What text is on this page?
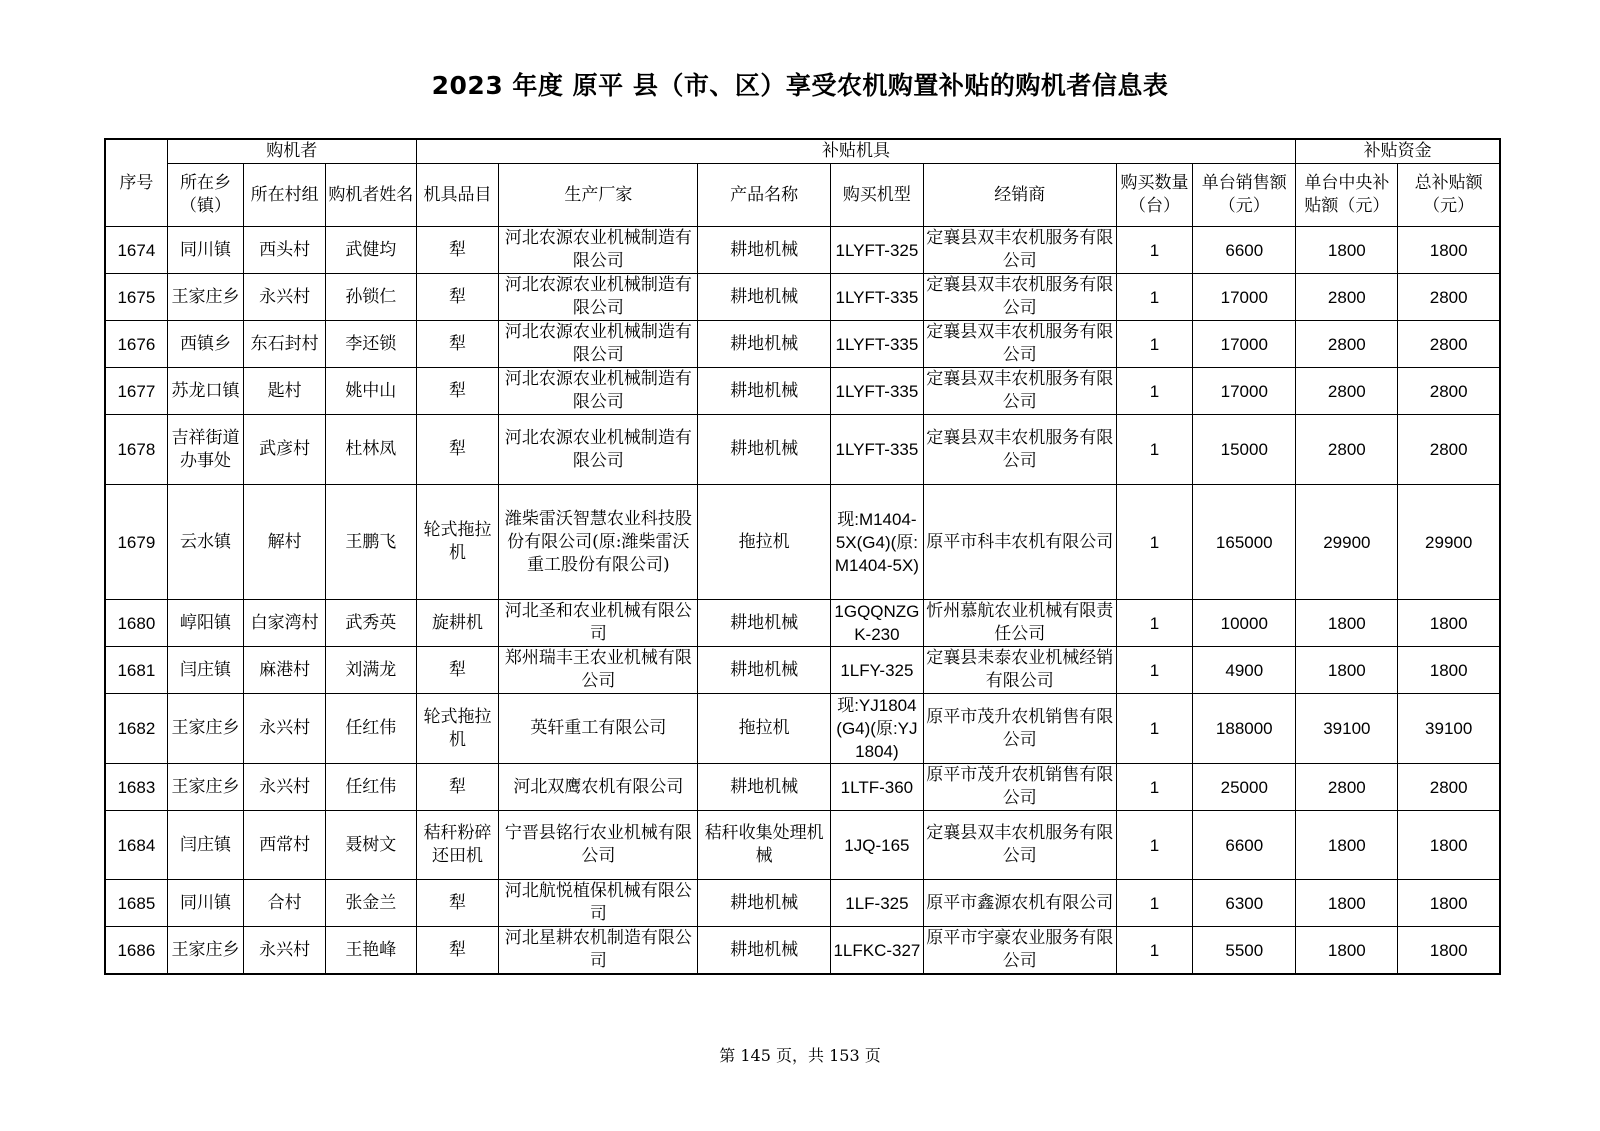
2023 年度 原平 县（市、区）享受农机购置补贴的购机者信息表
序号	购机者			补贴机具							补贴资金	
	所在乡（镇）	所在村组	购机者姓名	机具品目	生产厂家	产品名称	购买机型	经销商	购买数量（台）	单台销售额（元）	单台中央补贴额（元）	总补贴额（元）
1674	同川镇	西头村	武健均	犁	河北农源农业机械制造有限公司	耕地机械	1LYFT-325	定襄县双丰农机服务有限公司	1	6600	1800	1800
1675	王家庄乡	永兴村	孙锁仁	犁	河北农源农业机械制造有限公司	耕地机械	1LYFT-335	定襄县双丰农机服务有限公司	1	17000	2800	2800
1676	西镇乡	东石封村	李还锁	犁	河北农源农业机械制造有限公司	耕地机械	1LYFT-335	定襄县双丰农机服务有限公司	1	17000	2800	2800
1677	苏龙口镇	匙村	姚中山	犁	河北农源农业机械制造有限公司	耕地机械	1LYFT-335	定襄县双丰农机服务有限公司	1	17000	2800	2800
1678	吉祥街道办事处	武彦村	杜林凤	犁	河北农源农业机械制造有限公司	耕地机械	1LYFT-335	定襄县双丰农机服务有限公司	1	15000	2800	2800
1679	云水镇	解村	王鹏飞	轮式拖拉机	潍柴雷沃智慧农业科技股份有限公司(原:潍柴雷沃重工股份有限公司)	拖拉机	现:M1404-5X(G4)(原:M1404-5X)	原平市科丰农机有限公司	1	165000	29900	29900
1680	崞阳镇	白家湾村	武秀英	旋耕机	河北圣和农业机械有限公司	耕地机械	1GQQNZGK-230	忻州慕航农业机械有限责任公司	1	10000	1800	1800
1681	闫庄镇	麻港村	刘满龙	犁	郑州瑞丰王农业机械有限公司	耕地机械	1LFY-325	定襄县耒泰农业机械经销有限公司	1	4900	1800	1800
1682	王家庄乡	永兴村	任红伟	轮式拖拉机	英轩重工有限公司	拖拉机	现:YJ1804(G4)(原:YJ1804)	原平市茂升农机销售有限公司	1	188000	39100	39100
1683	王家庄乡	永兴村	任红伟	犁	河北双鹰农机有限公司	耕地机械	1LTF-360	原平市茂升农机销售有限公司	1	25000	2800	2800
1684	闫庄镇	西常村	聂树文	秸秆粉碎还田机	宁晋县铭行农业机械有限公司	秸秆收集处理机械	1JQ-165	定襄县双丰农机服务有限公司	1	6600	1800	1800
1685	同川镇	合村	张金兰	犁	河北航悦植保机械有限公司	耕地机械	1LF-325	原平市鑫源农机有限公司	1	6300	1800	1800
1686	王家庄乡	永兴村	王艳峰	犁	河北星耕农机制造有限公司	耕地机械	1LFKC-327	原平市宇豪农业服务有限公司	1	5500	1800	1800
第 145 页，共 153 页
